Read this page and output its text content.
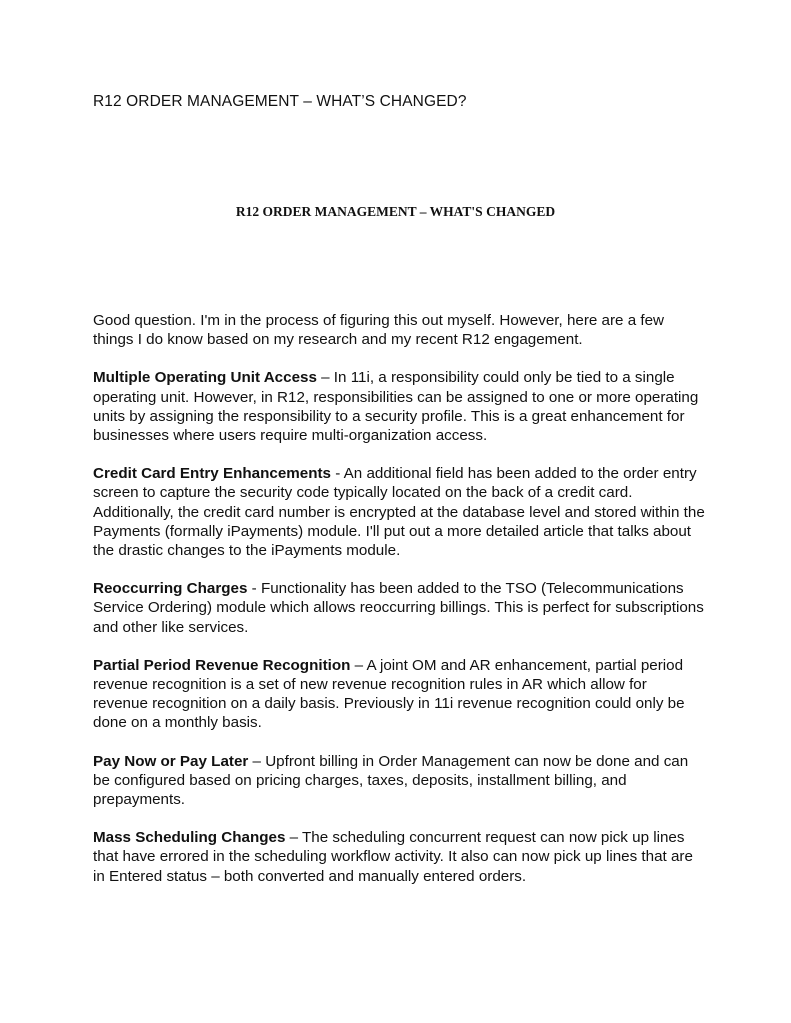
R12 ORDER MANAGEMENT – WHAT’S CHANGED?
R12 ORDER MANAGEMENT – WHAT'S CHANGED

Good question. I'm in the process of figuring this out myself. However, here are a few things I do know based on my research and my recent R12 engagement.

Multiple Operating Unit Access – In 11i, a responsibility could only be tied to a single operating unit. However, in R12, responsibilities can be assigned to one or more operating units by assigning the responsibility to a security profile. This is a great enhancement for businesses where users require multi-organization access.

Credit Card Entry Enhancements - An additional field has been added to the order entry screen to capture the security code typically located on the back of a credit card. Additionally, the credit card number is encrypted at the database level and stored within the Payments (formally iPayments) module. I'll put out a more detailed article that talks about the drastic changes to the iPayments module.

Reoccurring Charges - Functionality has been added to the TSO (Telecommunications Service Ordering) module which allows reoccurring billings. This is perfect for subscriptions and other like services.

Partial Period Revenue Recognition – A joint OM and AR enhancement, partial period revenue recognition is a set of new revenue recognition rules in AR which allow for revenue recognition on a daily basis. Previously in 11i revenue recognition could only be done on a monthly basis.

Pay Now or Pay Later – Upfront billing in Order Management can now be done and can be configured based on pricing charges, taxes, deposits, installment billing, and prepayments.

Mass Scheduling Changes – The scheduling concurrent request can now pick up lines that have errored in the scheduling workflow activity. It also can now pick up lines that are in Entered status – both converted and manually entered orders.
